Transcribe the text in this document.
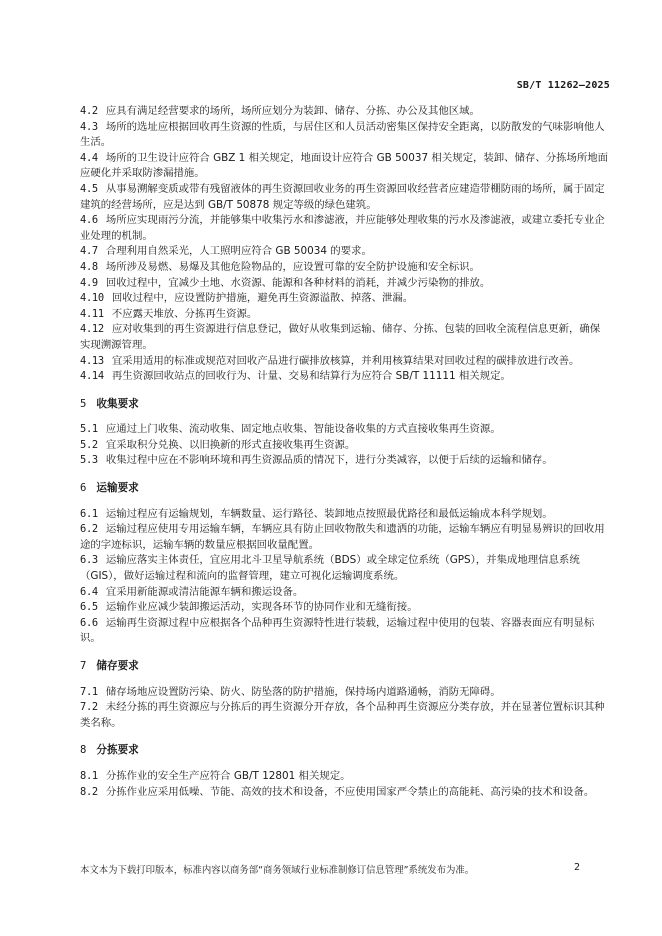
SB/T 11262—2025

4.2 应具有满足经营要求的场所，场所应划分为装卸、储存、分拣、办公及其他区域。

4.3 场所的选址应根据回收再生资源的性质，与居住区和人员活动密集区保持安全距离，以防散发的气味影响他人生活。

4.4 场所的卫生设计应符合 GBZ 1 相关规定，地面设计应符合 GB 50037 相关规定，装卸、储存、分拣场所地面应硬化并采取防渗漏措施。

4.5 从事易溯解变质或带有残留液体的再生资源回收业务的再生资源回收经营者应建造带棚防雨的场所，属于固定建筑的经营场所，应是达到 GB/T 50878 规定等级的绿色建筑。

4.6 场所应实现雨污分流，并能够集中收集污水和渗滤液，并应能够处理收集的污水及渗滤液，或建立委托专业企业处理的机制。

4.7 合理利用自然采光，人工照明应符合 GB 50034 的要求。

4.8 场所涉及易燃、易爆及其他危险物品的，应设置可靠的安全防护设施和安全标识。

4.9 回收过程中，宜减少土地、水资源、能源和各种材料的消耗，并减少污染物的排放。

4.10 回收过程中，应设置防护措施，避免再生资源溢散、掉落、泄漏。

4.11 不应露天堆放、分拣再生资源。

4.12 应对收集到的再生资源进行信息登记，做好从收集到运输、储存、分拣、包装的回收全流程信息更新，确保实现溯源管理。

4.13 宜采用适用的标准或规范对回收产品进行碳排放核算，并利用核算结果对回收过程的碳排放进行改善。

4.14 再生资源回收站点的回收行为、计量、交易和结算行为应符合 SB/T 11111 相关规定。

5 收集要求

5.1 应通过上门收集、流动收集、固定地点收集、智能设备收集的方式直接收集再生资源。

5.2 宜采取积分兑换、以旧换新的形式直接收集再生资源。

5.3 收集过程中应在不影响环境和再生资源品质的情况下，进行分类减容，以便于后续的运输和储存。

6 运输要求

6.1 运输过程应有运输规划，车辆数量、运行路径、装卸地点按照最优路径和最低运输成本科学规划。

6.2 运输过程应使用专用运输车辆，车辆应具有防止回收物散失和遗洒的功能，运输车辆应有明显易辨识的回收用途的字迹标识，运输车辆的数量应根据回收量配置。

6.3 运输应落实主体责任，宜应用北斗卫星导航系统（BDS）或全球定位系统（GPS），并集成地理信息系统（GIS），做好运输过程和流向的监督管理，建立可视化运输调度系统。

6.4 宜采用新能源或清洁能源车辆和搬运设备。

6.5 运输作业应减少装卸搬运活动，实现各环节的协同作业和无缝衔接。

6.6 运输再生资源过程中应根据各个品种再生资源特性进行装载，运输过程中使用的包装、容器表面应有明显标识。

7 储存要求

7.1 储存场地应设置防污染、防火、防坠落的防护措施，保持场内道路通畅，消防无障碍。

7.2 未经分拣的再生资源应与分拣后的再生资源分开存放，各个品种再生资源应分类存放，并在显著位置标识其种类名称。

8 分拣要求

8.1 分拣作业的安全生产应符合 GB/T 12801 相关规定。

8.2 分拣作业应采用低噪、节能、高效的技术和设备，不应使用国家严令禁止的高能耗、高污染的技术和设备。

本文本为下载打印版本，标准内容以商务部“商务领域行业标准制修订信息管理”系统发布为准。	2
